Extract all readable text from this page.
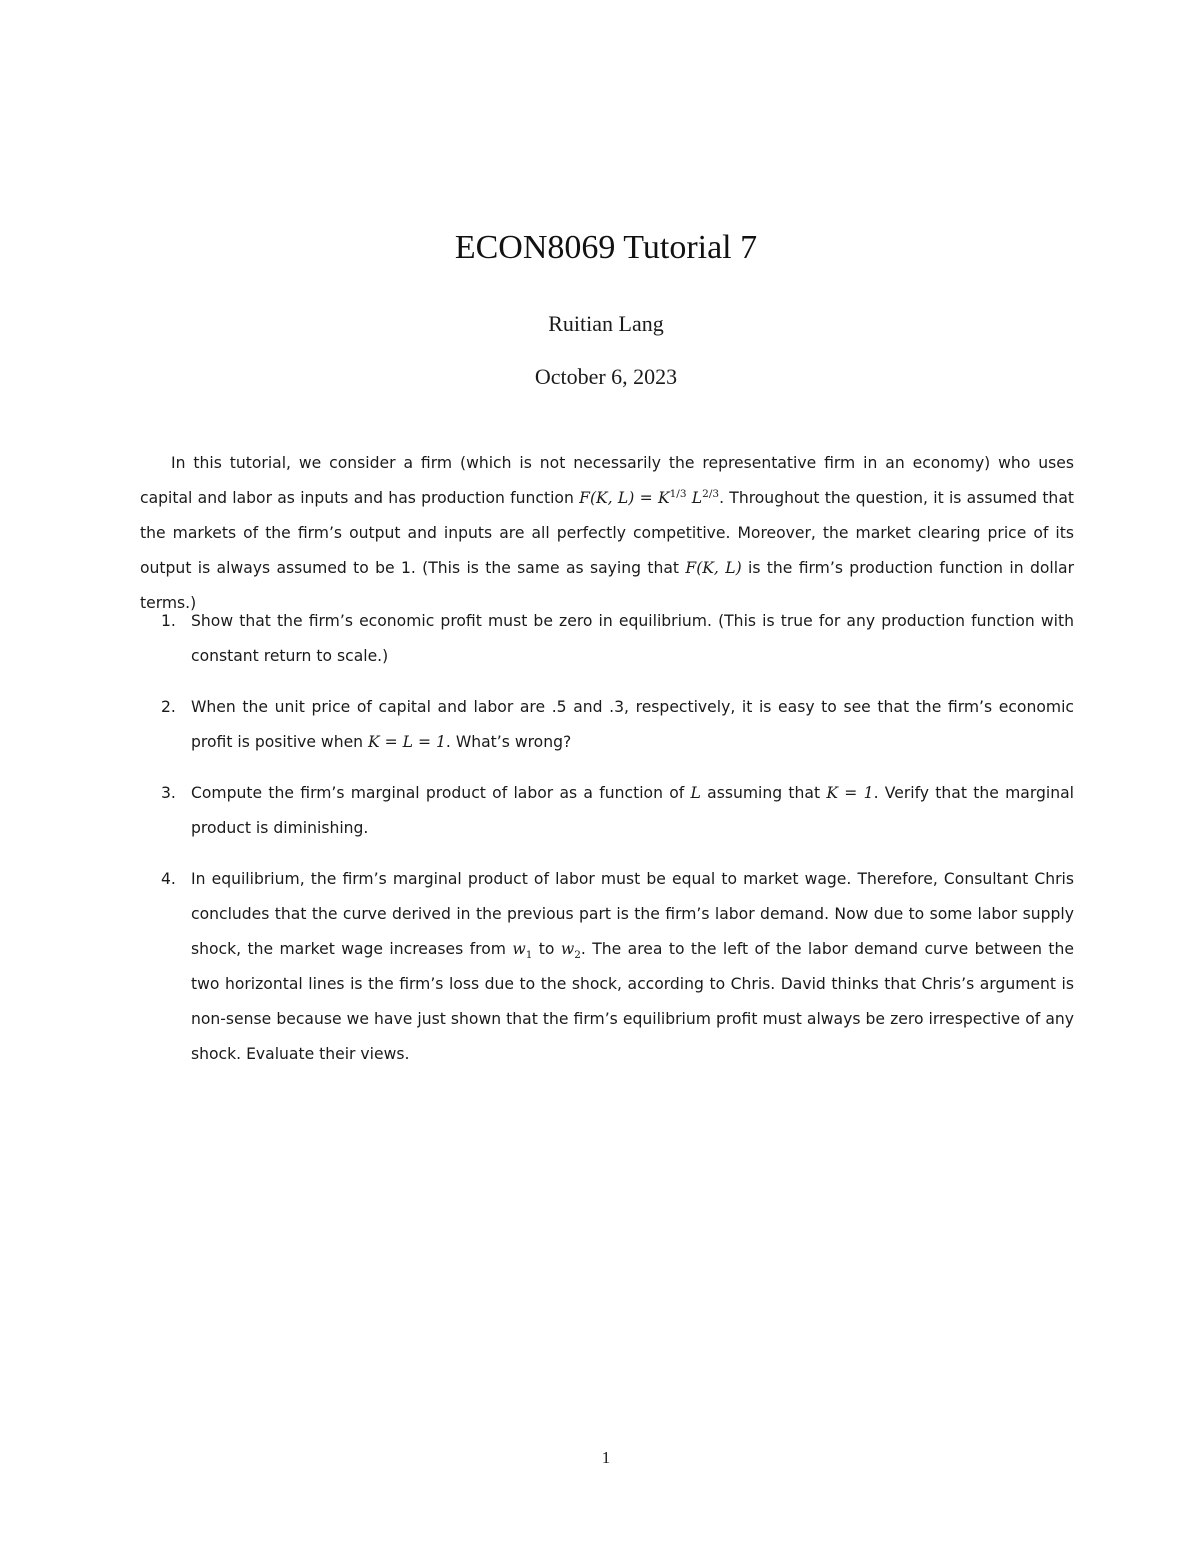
ECON8069 Tutorial 7
Ruitian Lang
October 6, 2023

In this tutorial, we consider a firm (which is not necessarily the representative firm in an economy) who uses capital and labor as inputs and has production function F(K, $L) = K^{1/3}$ $L^{2/3}$. Throughout the question, it is assumed that the markets of the firm’s output and inputs are all perfectly competitive. Moreover, the market clearing price of its output is always assumed to be 1. (This is the same as saying that F(K, L) is the firm’s production function in dollar terms.)

1. Show that the firm’s economic profit must be zero in equilibrium. (This is true for any production function with constant return to scale.)
2. When the unit price of capital and labor are .5 and .3, respectively, it is easy to see that the firm’s economic profit is positive when K = L = 1. What’s wrong?
3. Compute the firm’s marginal product of labor as a function of L assuming that K = 1. Verify that the marginal product is diminishing.
4. In equilibrium, the firm’s marginal product of labor must be equal to market wage. Therefore, Consultant Chris concludes that the curve derived in the previous part is the firm’s labor demand. Now due to some labor supply shock, the market wage increases from $w_1$ to $w_2$. The area to the left of the labor demand curve between the two horizontal lines is the firm’s loss due to the shock, according to Chris. David thinks that Chris’s argument is non-sense because we have just shown that the firm’s equilibrium profit must always be zero irrespective of any shock. Evaluate their views.
1
